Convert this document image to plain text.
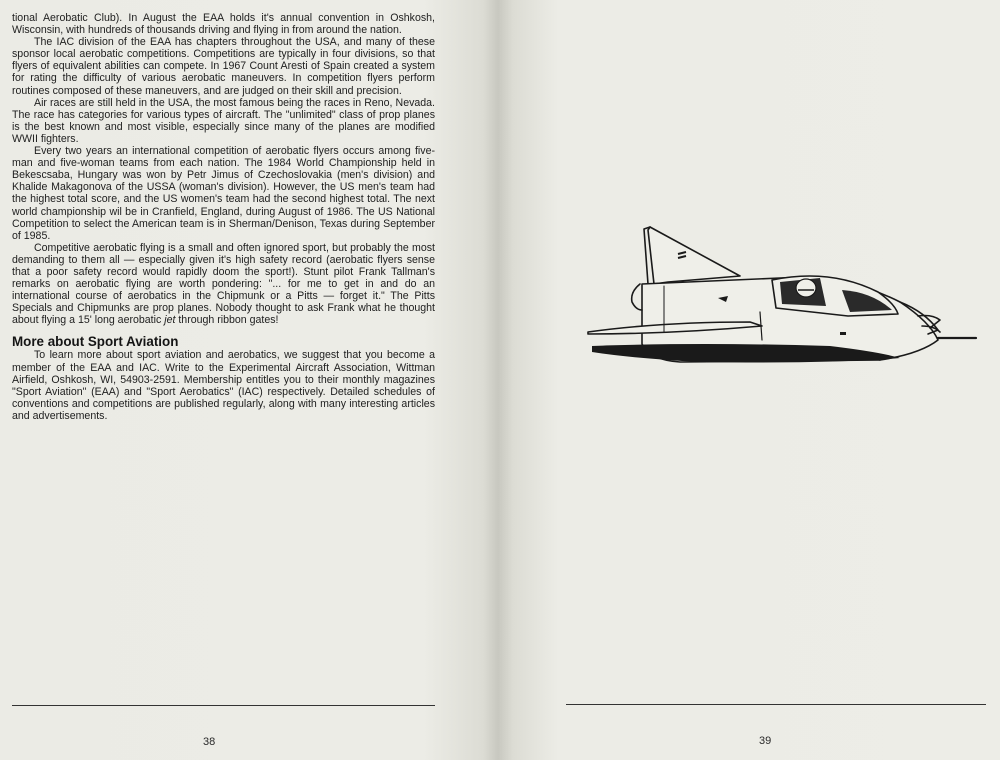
tional Aerobatic Club). In August the EAA holds it's annual convention in Oshkosh, Wisconsin, with hundreds of thousands driving and flying in from around the nation.

The IAC division of the EAA has chapters throughout the USA, and many of these sponsor local aerobatic competitions. Competitions are typically in four divisions, so that flyers of equivalent abilities can compete. In 1967 Count Aresti of Spain created a system for rating the difficulty of various aerobatic maneuvers. In competition flyers perform routines composed of these maneuvers, and are judged on their skill and precision.

Air races are still held in the USA, the most famous being the races in Reno, Nevada. The race has categories for various types of aircraft. The "unlimited" class of prop planes is the best known and most visible, especially since many of the planes are modified WWII fighters.

Every two years an international competition of aerobatic flyers occurs among five-man and five-woman teams from each nation. The 1984 World Championship held in Bekescsaba, Hungary was won by Petr Jimus of Czechoslovakia (men's division) and Khalide Makagonova of the USSA (woman's division). However, the US men's team had the highest total score, and the US women's team had the second highest total. The next world championship wil be in Cranfield, England, during August of 1986. The US National Competition to select the American team is in Sherman/Denison, Texas during September of 1985.

Competitive aerobatic flying is a small and often ignored sport, but probably the most demanding to them all — especially given it's high safety record (aerobatic flyers sense that a poor safety record would rapidly doom the sport!). Stunt pilot Frank Tallman's remarks on aerobatic flying are worth pondering: "... for me to get in and do an international course of aerobatics in the Chipmunk or a Pitts — forget it." The Pitts Specials and Chipmunks are prop planes. Nobody thought to ask Frank what he thought about flying a 15' long aerobatic jet through ribbon gates!

More about Sport Aviation

To learn more about sport aviation and aerobatics, we suggest that you become a member of the EAA and IAC. Write to the Experimental Aircraft Association, Wittman Airfield, Oshkosh, WI, 54903-2591. Membership entitles you to their monthly magazines "Sport Aviation" (EAA) and "Sport Aerobatics" (IAC) respectively. Detailed schedules of conventions and competitions are published regularly, along with many interesting articles and advertisements.

38	39
